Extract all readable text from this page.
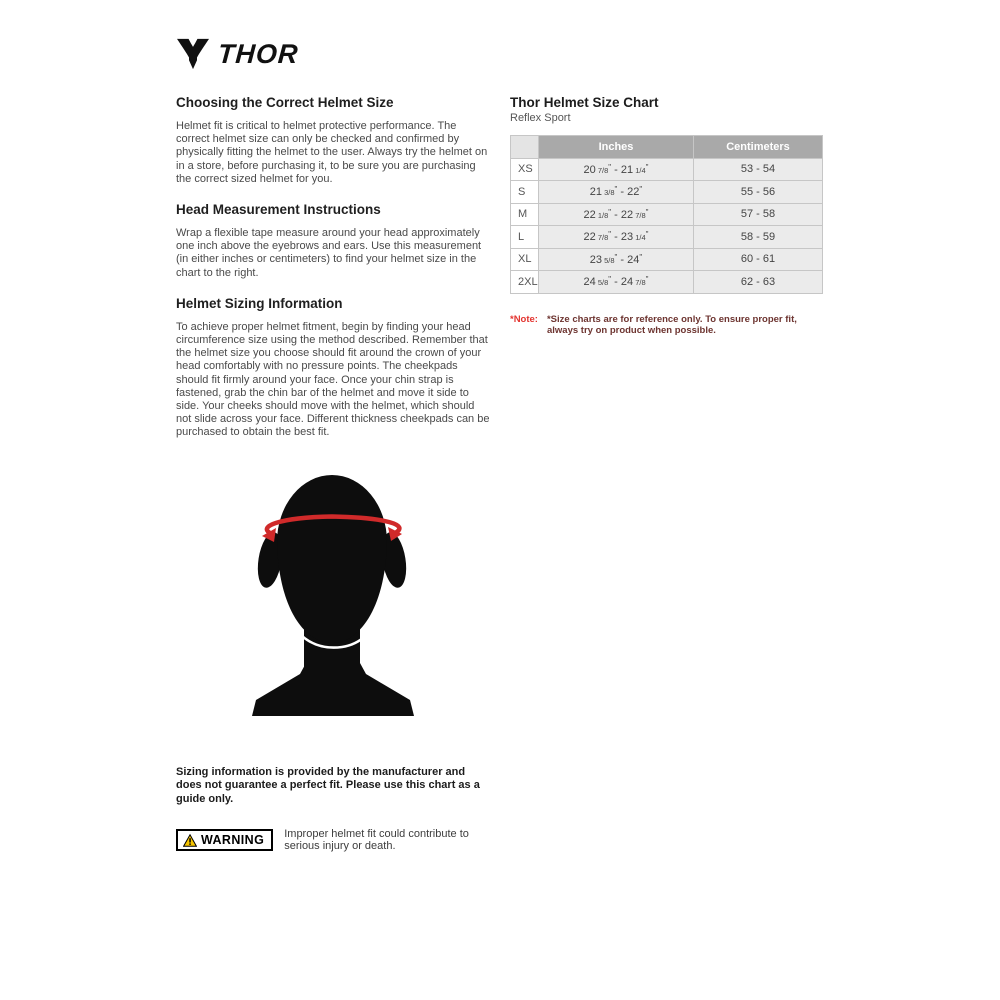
THOR
Choosing the Correct Helmet Size

Helmet fit is critical to helmet protective performance. The correct helmet size can only be checked and confirmed by physically fitting the helmet to the user. Always try the helmet on in a store, before purchasing it, to be sure you are purchasing the correct sized helmet for you.

Head Measurement Instructions

Wrap a flexible tape measure around your head approximately one inch above the eyebrows and ears. Use this measurement (in either inches or centimeters) to find your helmet size in the chart to the right.

Helmet Sizing Information

To achieve proper helmet fitment, begin by finding your head circumference size using the method described. Remember that the helmet size you choose should fit around the crown of your head comfortably with no pressure points. The cheekpads should fit firmly around your face. Once your chin strap is fastened, grab the chin bar of the helmet and move it side to side. Your cheeks should move with the helmet, which should not slide across your face. Different thickness cheekpads can be purchased to obtain the best fit.

Sizing information is provided by the manufacturer and does not guarantee a perfect fit. Please use this chart as a guide only.

WARNING Improper helmet fit could contribute to serious injury or death.
Thor Helmet Size Chart
Reflex Sport
	Inches	Centimeters
XS	20 7/8" - 21 1/4"	53 - 54
S	21 3/8" - 22"	55 - 56
M	22 1/8" - 22 7/8"	57 - 58
L	22 7/8" - 23 1/4"	58 - 59
XL	23 5/8" - 24"	60 - 61
2XL	24 5/8" - 24 7/8"	62 - 63
*Note: *Size charts are for reference only. To ensure proper fit, always try on product when possible.
